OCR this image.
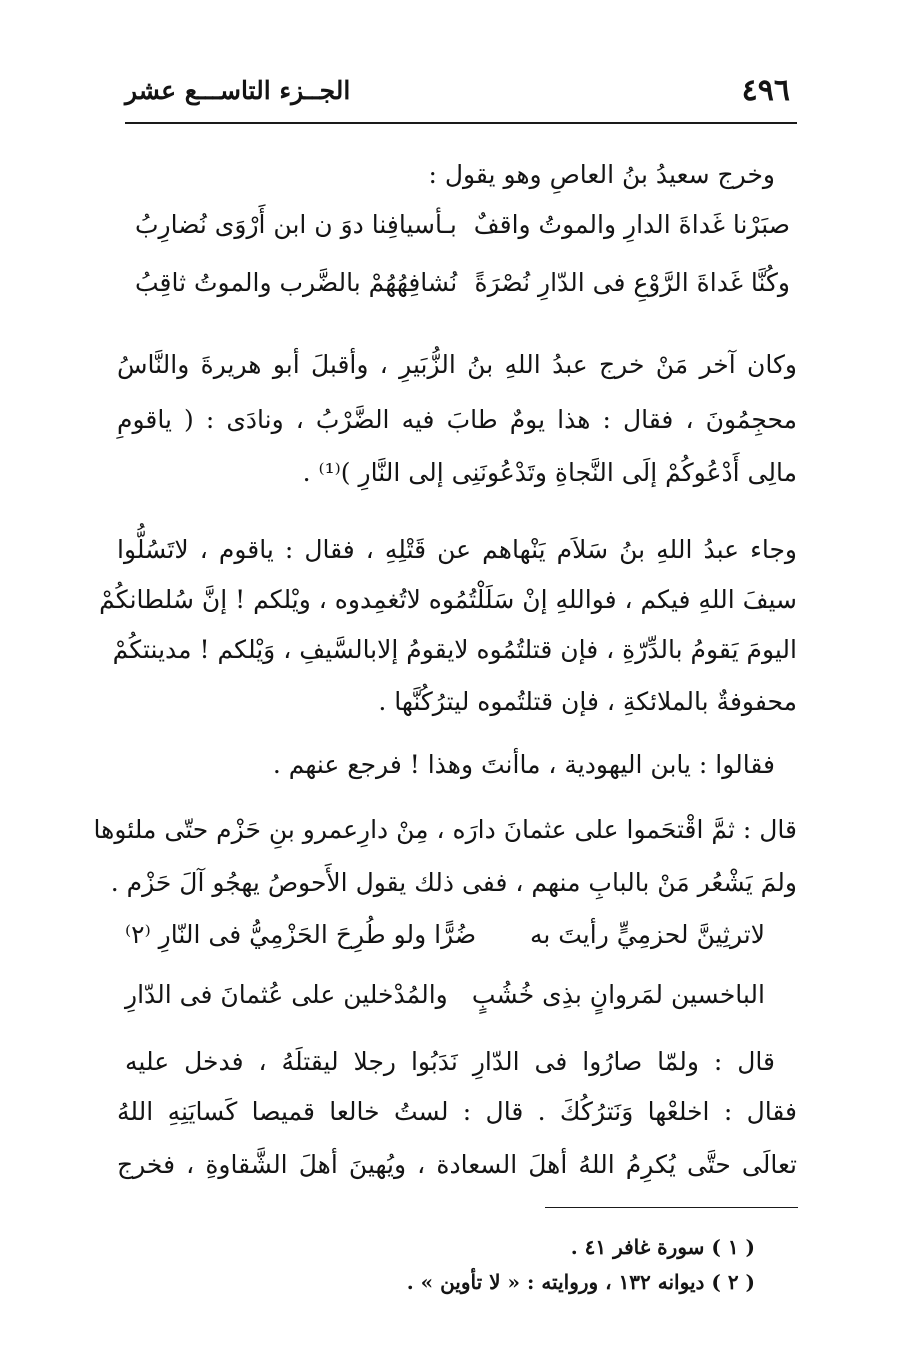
٤٩٦
الجــزء التاســـع عشر
وخرج سعيدُ بنُ العاصِ وهو يقول :
صبَرْنا غَداةَ الدارِ والموتُ واقفٌ
بـأسيافِنا دوَ ن ابن أَرْوَى نُضارِبُ
وكُنَّا غَداةَ الرَّوْعِ فى الدّارِ نُصْرَةً
نُشافِهُهُمْ بالضَّرب والموتُ ثاقِبُ
وكان آخر مَنْ خرج عبدُ اللهِ بنُ الزُّبَيرِ ، وأقبلَ أبو هريرةَ والنَّاسُ
محجِمُونَ ، فقال : هذا يومٌ طابَ فيه الضَّرْبُ ، ونادَى : ( ياقومِ
مالِى أَدْعُوكُمْ إلَى النَّجاةِ وتَدْعُونَنِى إلى النَّارِ )⁽¹⁾ .
وجاء عبدُ اللهِ بنُ سَلاَم يَنْهاهم عن قَتْلِهِ ، فقال : ياقوم ، لاتَسُلُّوا
سيفَ اللهِ فيكم ، فواللهِ إنْ سَلَلْتُمُوه لاتُغمِدوه ، ويْلكم ! إنَّ سُلطانكُمْ
اليومَ يَقومُ بالدِّرّةِ ، فإن قتلتُمُوه لايقومُ إلابالسَّيفِ ، وَيْلكم ! مدينتكُمْ
محفوفةٌ بالملائكةِ ، فإن قتلتُموه ليترُكُنَّها .
فقالوا : يابن اليهودية ، ماأنتَ وهذا ! فرجع عنهم .
قال : ثمَّ اقْتحَموا على عثمانَ دارَه ، مِنْ دارِعمرو بنِ حَزْم حتّى ملئوها
ولمَ يَشْعُر مَنْ بالبابِ منهم ، ففى ذلك يقول الأَحوصُ يهجُو آلَ حَزْم .
لاترثِينَّ لحزمِيٍّ رأيتَ به
ضُرًّا ولو طُرِحَ الحَزْمِيُّ فى النّارِ ⁽٢⁾
الباخسين لمَروانٍ بذِى خُشُبٍ
والمُدْخلين على عُثمانَ فى الدّارِ
قال : ولمّا صارُوا فى الدّارِ نَدَبُوا رجلا ليقتلَهُ ، فدخل عليه
فقال : اخلعْها وَنَترُكُكَ . قال : لستُ خالعا قميصا كَسايَنِهِ اللهُ
تعالَى حتَّى يُكرِمُ اللهُ أهلَ السعادة ، ويُهينَ أهلَ الشَّقاوةِ ، فخرج
( ١ ) سورة غافر ٤١ .
( ٢ ) ديوانه ١٣٢ ، وروايته : « لا تأوين » .
